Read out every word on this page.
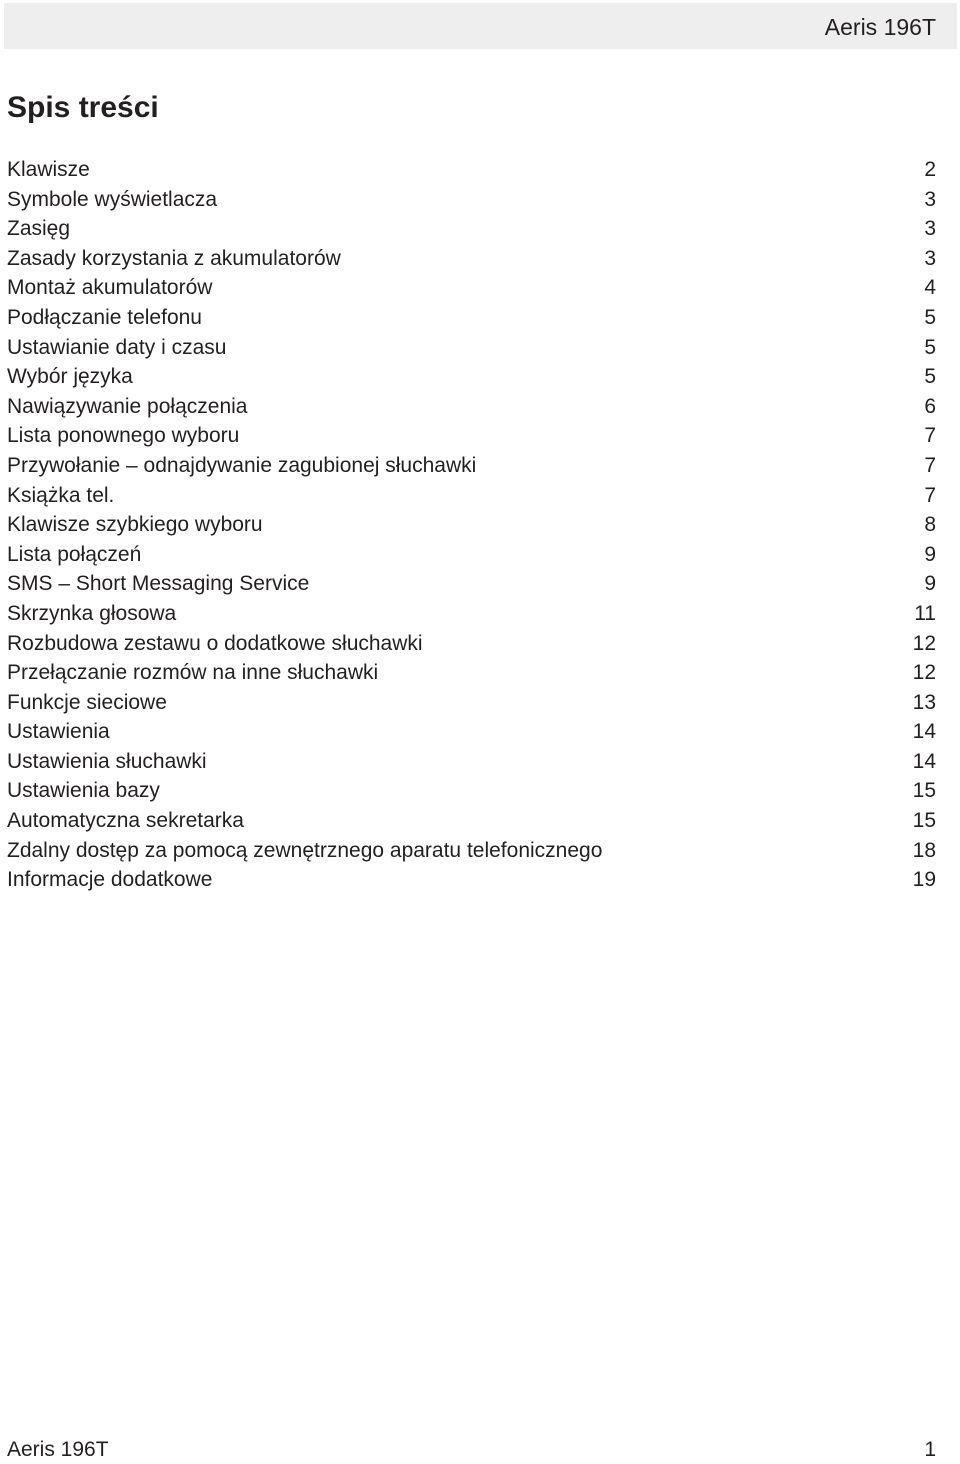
Aeris 196T
Spis treści
Klawisze	2
Symbole wyświetlacza	3
Zasięg	3
Zasady korzystania z akumulatorów	3
Montaż akumulatorów	4
Podłączanie telefonu	5
Ustawianie daty i czasu	5
Wybór języka	5
Nawiązywanie połączenia	6
Lista ponownego wyboru	7
Przywołanie – odnajdywanie zagubionej słuchawki	7
Książka tel.	7
Klawisze szybkiego wyboru	8
Lista połączeń	9
SMS – Short Messaging Service	9
Skrzynka głosowa	11
Rozbudowa zestawu o dodatkowe słuchawki	12
Przełączanie rozmów na inne słuchawki	12
Funkcje sieciowe	13
Ustawienia	14
Ustawienia słuchawki	14
Ustawienia bazy	15
Automatyczna sekretarka	15
Zdalny dostęp za pomocą zewnętrznego aparatu telefonicznego	18
Informacje dodatkowe	19
Aeris 196T	1
